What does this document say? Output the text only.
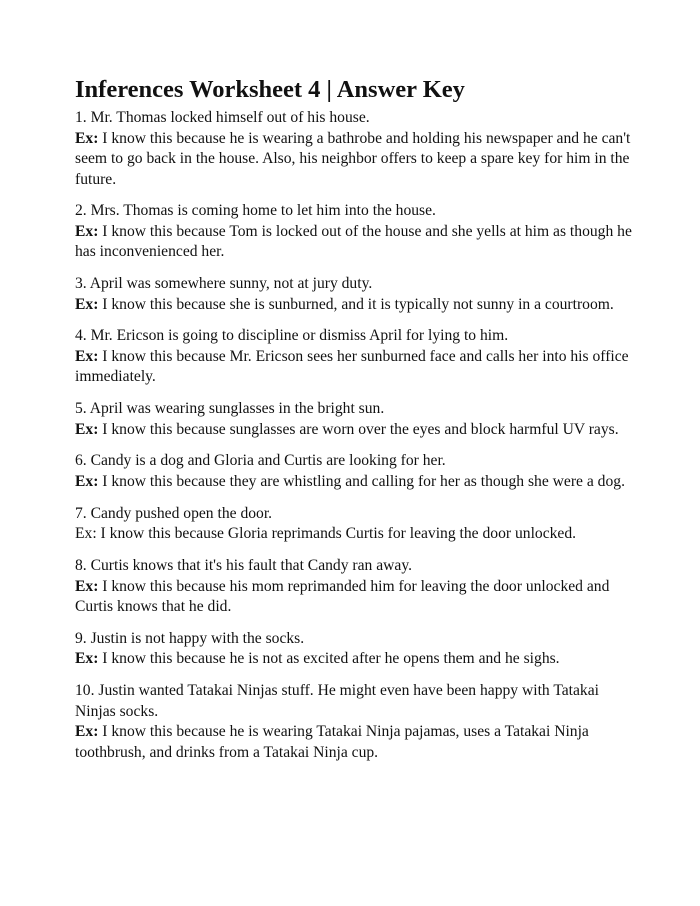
Inferences Worksheet 4 | Answer Key

1. Mr. Thomas locked himself out of his house.

Ex: I know this because he is wearing a bathrobe and holding his newspaper and he can't seem to go back in the house. Also, his neighbor offers to keep a spare key for him in the future.

2. Mrs. Thomas is coming home to let him into the house.

Ex: I know this because Tom is locked out of the house and she yells at him as though he has inconvenienced her.

3. April was somewhere sunny, not at jury duty.

Ex: I know this because she is sunburned, and it is typically not sunny in a courtroom.

4. Mr. Ericson is going to discipline or dismiss April for lying to him.

Ex: I know this because Mr. Ericson sees her sunburned face and calls her into his office immediately.

5. April was wearing sunglasses in the bright sun.

Ex: I know this because sunglasses are worn over the eyes and block harmful UV rays.

6. Candy is a dog and Gloria and Curtis are looking for her.

Ex: I know this because they are whistling and calling for her as though she were a dog.

7. Candy pushed open the door.

Ex: I know this because Gloria reprimands Curtis for leaving the door unlocked.

8. Curtis knows that it's his fault that Candy ran away.

Ex: I know this because his mom reprimanded him for leaving the door unlocked and Curtis knows that he did.

9. Justin is not happy with the socks.

Ex: I know this because he is not as excited after he opens them and he sighs.

10. Justin wanted Tatakai Ninjas stuff. He might even have been happy with Tatakai Ninjas socks.

Ex: I know this because he is wearing Tatakai Ninja pajamas, uses a Tatakai Ninja toothbrush, and drinks from a Tatakai Ninja cup.
